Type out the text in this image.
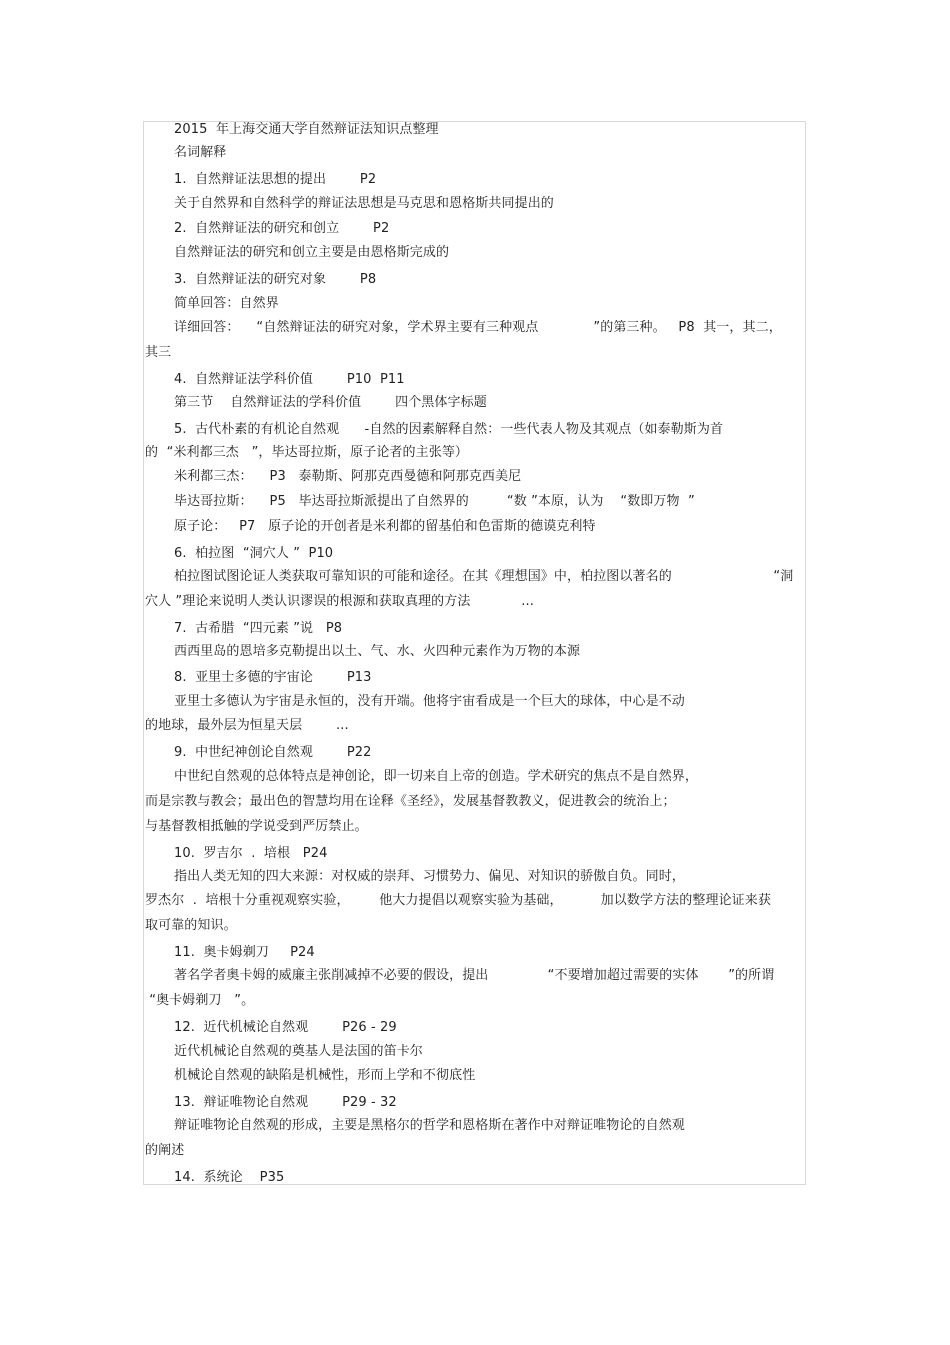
2015  年上海交通大学自然辩证法知识点整理
名词解释
1.  自然辩证法思想的提出        P2
关于自然界和自然科学的辩证法思想是马克思和恩格斯共同提出的
2.  自然辩证法的研究和创立        P2
自然辩证法的研究和创立主要是由恩格斯完成的
3.  自然辩证法的研究对象        P8
简单回答：自然界
详细回答：    “自然辩证法的研究对象，学术界主要有三种观点             ”的第三种。   P8  其一，其二，
其三
4.  自然辩证法学科价值        P10  P11
第三节    自然辩证法的学科价值        四个黑体字标题
5.  古代朴素的有机论自然观      -自然的因素解释自然：一些代表人物及其观点（如泰勒斯为首
的  “米利都三杰   ”，毕达哥拉斯，原子论者的主张等）
米利都三杰：    P3   泰勒斯、阿那克西曼德和阿那克西美尼
毕达哥拉斯：    P5   毕达哥拉斯派提出了自然界的         “数 ”本原，认为    “数即万物  ”
原子论：   P7   原子论的开创者是米利都的留基伯和色雷斯的德谟克利特
6.  柏拉图  “洞穴人 ”  P10
柏拉图试图论证人类获取可靠知识的可能和途径。在其《理想国》中，柏拉图以著名的                        “洞
穴人 ”理论来说明人类认识谬误的根源和获取真理的方法            ...
7.  古希腊  “四元素 ”说   P8
西西里岛的恩培多克勒提出以土、气、水、火四种元素作为万物的本源
8.  亚里士多德的宇宙论        P13
亚里士多德认为宇宙是永恒的，没有开端。他将宇宙看成是一个巨大的球体，中心是不动
的地球，最外层为恒星天层        ...
9.  中世纪神创论自然观        P22
中世纪自然观的总体特点是神创论，即一切来自上帝的创造。学术研究的焦点不是自然界，
而是宗教与教会；最出色的智慧均用在诠释《圣经》，发展基督教教义，促进教会的统治上；
与基督教相抵触的学说受到严厉禁止。
10.  罗吉尔  .  培根   P24
指出人类无知的四大来源：对权威的崇拜、习惯势力、偏见、对知识的骄傲自负。同时，
罗杰尔  .  培根十分重视观察实验，       他大力提倡以观察实验为基础，         加以数学方法的整理论证来获
取可靠的知识。
11.  奥卡姆剃刀     P24
著名学者奥卡姆的威廉主张削减掉不必要的假设，提出              “不要增加超过需要的实体       ”的所谓
“奥卡姆剃刀   ”。
12.  近代机械论自然观        P26 - 29
近代机械论自然观的奠基人是法国的笛卡尔
机械论自然观的缺陷是机械性，形而上学和不彻底性
13.  辩证唯物论自然观        P29 - 32
辩证唯物论自然观的形成，主要是黑格尔的哲学和恩格斯在著作中对辩证唯物论的自然观
的阐述
14.  系统论    P35
